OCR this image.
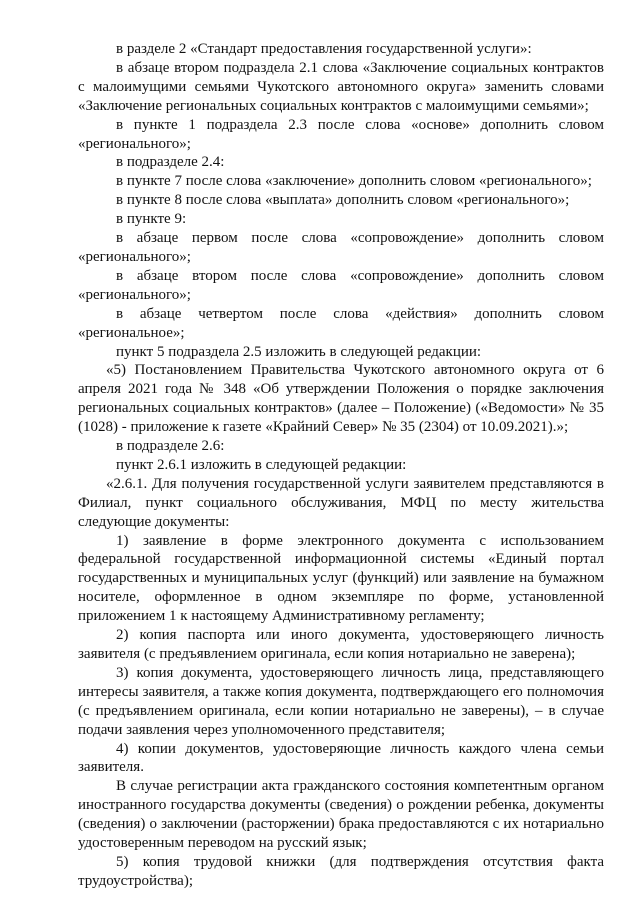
в разделе 2 «Стандарт предоставления государственной услуги»:

в абзаце втором подраздела 2.1 слова «Заключение социальных контрактов с малоимущими семьями Чукотского автономного округа» заменить словами «Заключение региональных социальных контрактов с малоимущими семьями»;

в пункте 1 подраздела 2.3 после слова «основе» дополнить словом «регионального»;

в подразделе 2.4:

в пункте 7 после слова «заключение» дополнить словом «регионального»;

в пункте 8 после слова «выплата» дополнить словом «регионального»;

в пункте 9:

в абзаце первом после слова «сопровождение» дополнить словом «регионального»;

в абзаце втором после слова «сопровождение» дополнить словом «регионального»;

в абзаце четвертом после слова «действия» дополнить словом «региональное»;

пункт 5 подраздела 2.5 изложить в следующей редакции:

«5) Постановлением Правительства Чукотского автономного округа от 6 апреля 2021 года № 348 «Об утверждении Положения о порядке заключения региональных социальных контрактов» (далее – Положение) («Ведомости» № 35 (1028) - приложение к газете «Крайний Север» № 35 (2304) от 10.09.2021).»;

в подразделе 2.6:

пункт 2.6.1 изложить в следующей редакции:

«2.6.1. Для получения государственной услуги заявителем представляются в Филиал, пункт социального обслуживания, МФЦ по месту жительства следующие документы:

1) заявление в форме электронного документа с использованием федеральной государственной информационной системы «Единый портал государственных и муниципальных услуг (функций) или заявление на бумажном носителе, оформленное в одном экземпляре по форме, установленной приложением 1 к настоящему Административному регламенту;

2) копия паспорта или иного документа, удостоверяющего личность заявителя (с предъявлением оригинала, если копия нотариально не заверена);

3) копия документа, удостоверяющего личность лица, представляющего интересы заявителя, а также копия документа, подтверждающего его полномочия (с предъявлением оригинала, если копии нотариально не заверены), – в случае подачи заявления через уполномоченного представителя;

4) копии документов, удостоверяющие личность каждого члена семьи заявителя.

В случае регистрации акта гражданского состояния компетентным органом иностранного государства документы (сведения) о рождении ребенка, документы (сведения) о заключении (расторжении) брака предоставляются с их нотариально удостоверенным переводом на русский язык;

5) копия трудовой книжки (для подтверждения отсутствия факта трудоустройства);
